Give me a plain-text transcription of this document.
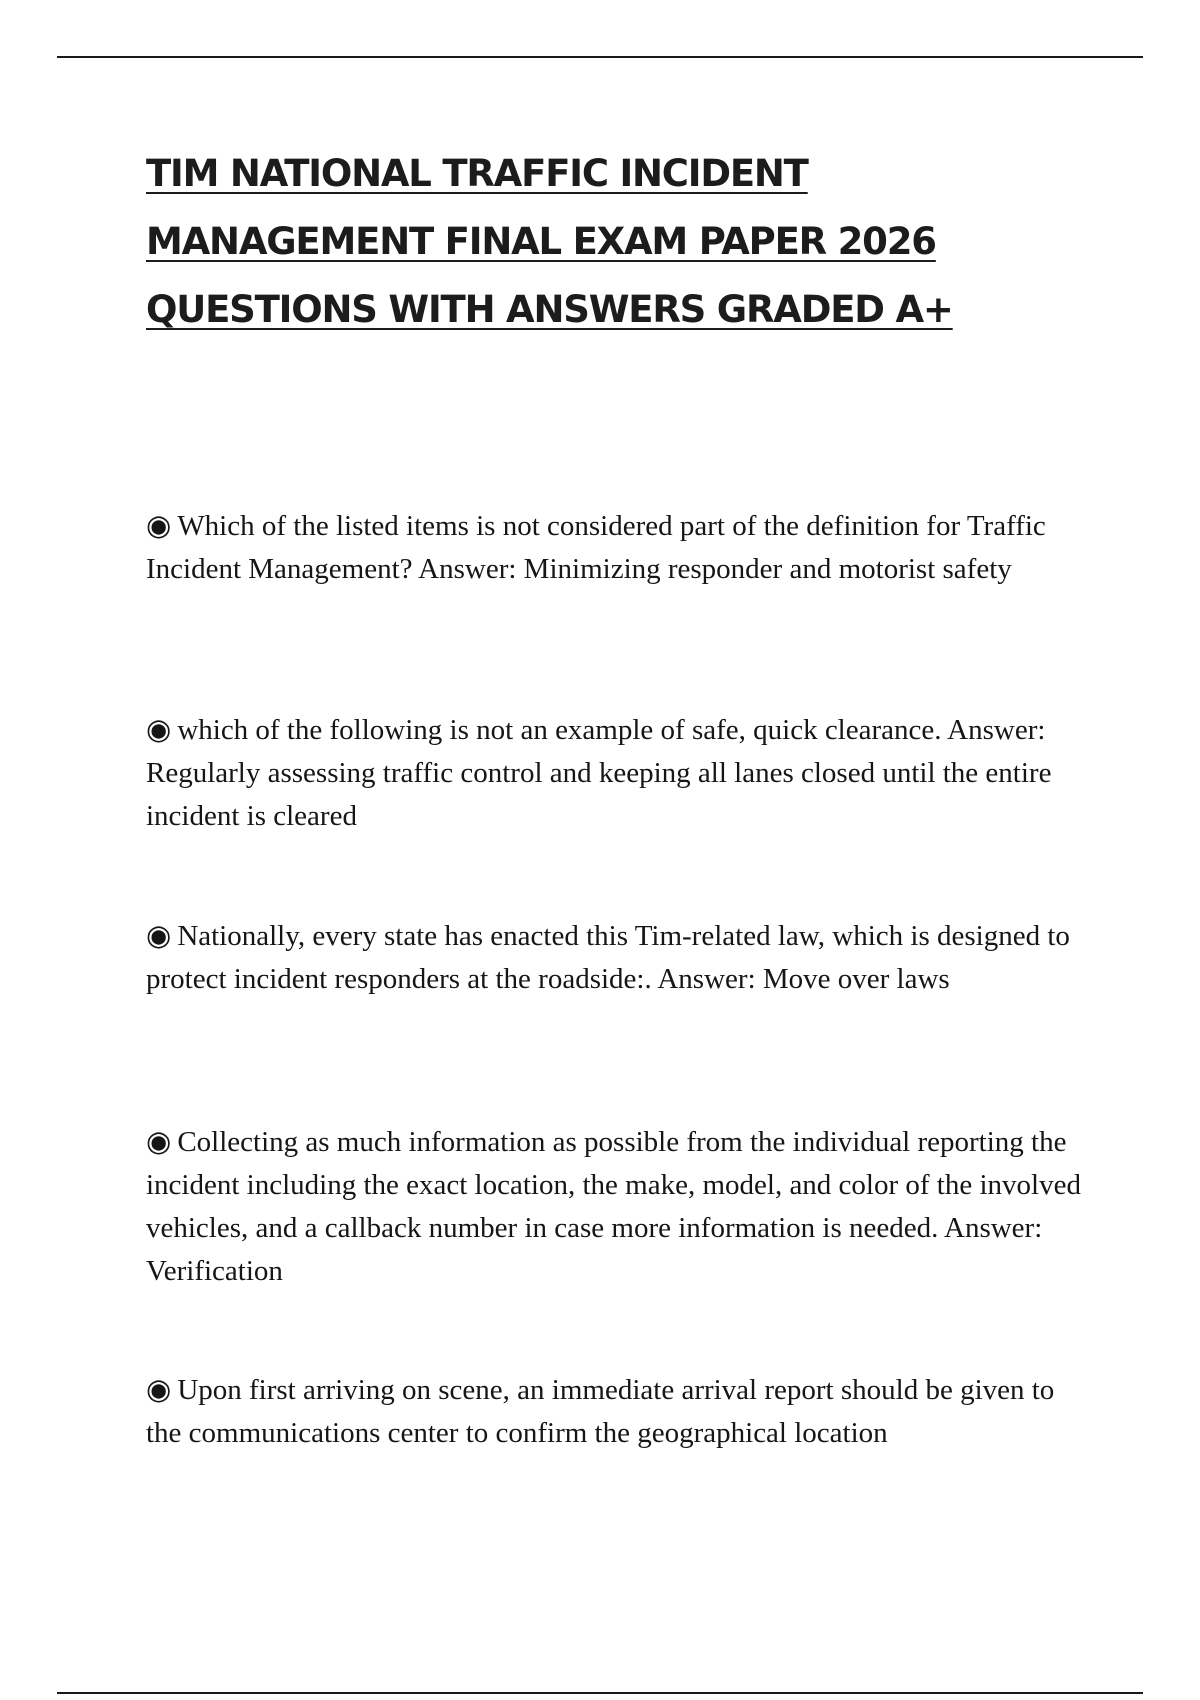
TIM NATIONAL TRAFFIC INCIDENT
MANAGEMENT FINAL EXAM PAPER 2026
QUESTIONS WITH ANSWERS GRADED A+
◉ Which of the listed items is not considered part of the definition for Traffic Incident Management? Answer: Minimizing responder and motorist safety
◉ which of the following is not an example of safe, quick clearance. Answer: Regularly assessing traffic control and keeping all lanes closed until the entire incident is cleared
◉ Nationally, every state has enacted this Tim-related law, which is designed to protect incident responders at the roadside:. Answer: Move over laws
◉ Collecting as much information as possible from the individual reporting the incident including the exact location, the make, model, and color of the involved vehicles, and a callback number in case more information is needed. Answer: Verification
◉ Upon first arriving on scene, an immediate arrival report should be given to the communications center to confirm the geographical location
